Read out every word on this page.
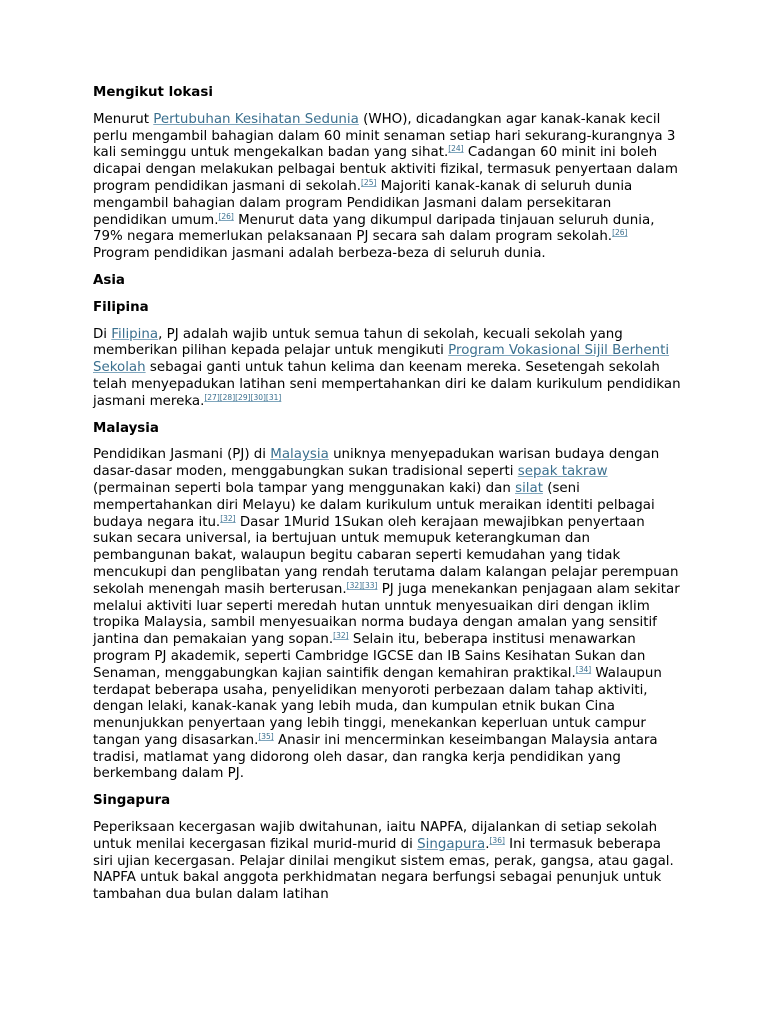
Mengikut lokasi

Menurut Pertubuhan Kesihatan Sedunia (WHO), dicadangkan agar kanak-kanak kecil perlu mengambil bahagian dalam 60 minit senaman setiap hari sekurang-kurangnya 3 kali seminggu untuk mengekalkan badan yang sihat.[24] Cadangan 60 minit ini boleh dicapai dengan melakukan pelbagai bentuk aktiviti fizikal, termasuk penyertaan dalam program pendidikan jasmani di sekolah.[25] Majoriti kanak-kanak di seluruh dunia mengambil bahagian dalam program Pendidikan Jasmani dalam persekitaran pendidikan umum.[26] Menurut data yang dikumpul daripada tinjauan seluruh dunia, 79% negara memerlukan pelaksanaan PJ secara sah dalam program sekolah.[26] Program pendidikan jasmani adalah berbeza-beza di seluruh dunia.

Asia
Filipina

Di Filipina, PJ adalah wajib untuk semua tahun di sekolah, kecuali sekolah yang memberikan pilihan kepada pelajar untuk mengikuti Program Vokasional Sijil Berhenti Sekolah sebagai ganti untuk tahun kelima dan keenam mereka. Sesetengah sekolah telah menyepadukan latihan seni mempertahankan diri ke dalam kurikulum pendidikan jasmani mereka.[27][28][29][30][31]

Malaysia

Pendidikan Jasmani (PJ) di Malaysia uniknya menyepadukan warisan budaya dengan dasar-dasar moden, menggabungkan sukan tradisional seperti sepak takraw (permainan seperti bola tampar yang menggunakan kaki) dan silat (seni mempertahankan diri Melayu) ke dalam kurikulum untuk meraikan identiti pelbagai budaya negara itu.[32] Dasar 1Murid 1Sukan oleh kerajaan mewajibkan penyertaan sukan secara universal, ia bertujuan untuk memupuk keterangkuman dan pembangunan bakat, walaupun begitu cabaran seperti kemudahan yang tidak mencukupi dan penglibatan yang rendah terutama dalam kalangan pelajar perempuan sekolah menengah masih berterusan.[32][33] PJ juga menekankan penjagaan alam sekitar melalui aktiviti luar seperti meredah hutan unntuk menyesuaikan diri dengan iklim tropika Malaysia, sambil menyesuaikan norma budaya dengan amalan yang sensitif jantina dan pemakaian yang sopan.[32] Selain itu, beberapa institusi menawarkan program PJ akademik, seperti Cambridge IGCSE dan IB Sains Kesihatan Sukan dan Senaman, menggabungkan kajian saintifik dengan kemahiran praktikal.[34] Walaupun terdapat beberapa usaha, penyelidikan menyoroti perbezaan dalam tahap aktiviti, dengan lelaki, kanak-kanak yang lebih muda, dan kumpulan etnik bukan Cina menunjukkan penyertaan yang lebih tinggi, menekankan keperluan untuk campur tangan yang disasarkan.[35] Anasir ini mencerminkan keseimbangan Malaysia antara tradisi, matlamat yang didorong oleh dasar, dan rangka kerja pendidikan yang berkembang dalam PJ.

Singapura

Peperiksaan kecergasan wajib dwitahunan, iaitu NAPFA, dijalankan di setiap sekolah untuk menilai kecergasan fizikal murid-murid di Singapura.[36] Ini termasuk beberapa siri ujian kecergasan. Pelajar dinilai mengikut sistem emas, perak, gangsa, atau gagal. NAPFA untuk bakal anggota perkhidmatan negara berfungsi sebagai penunjuk untuk tambahan dua bulan dalam latihan
